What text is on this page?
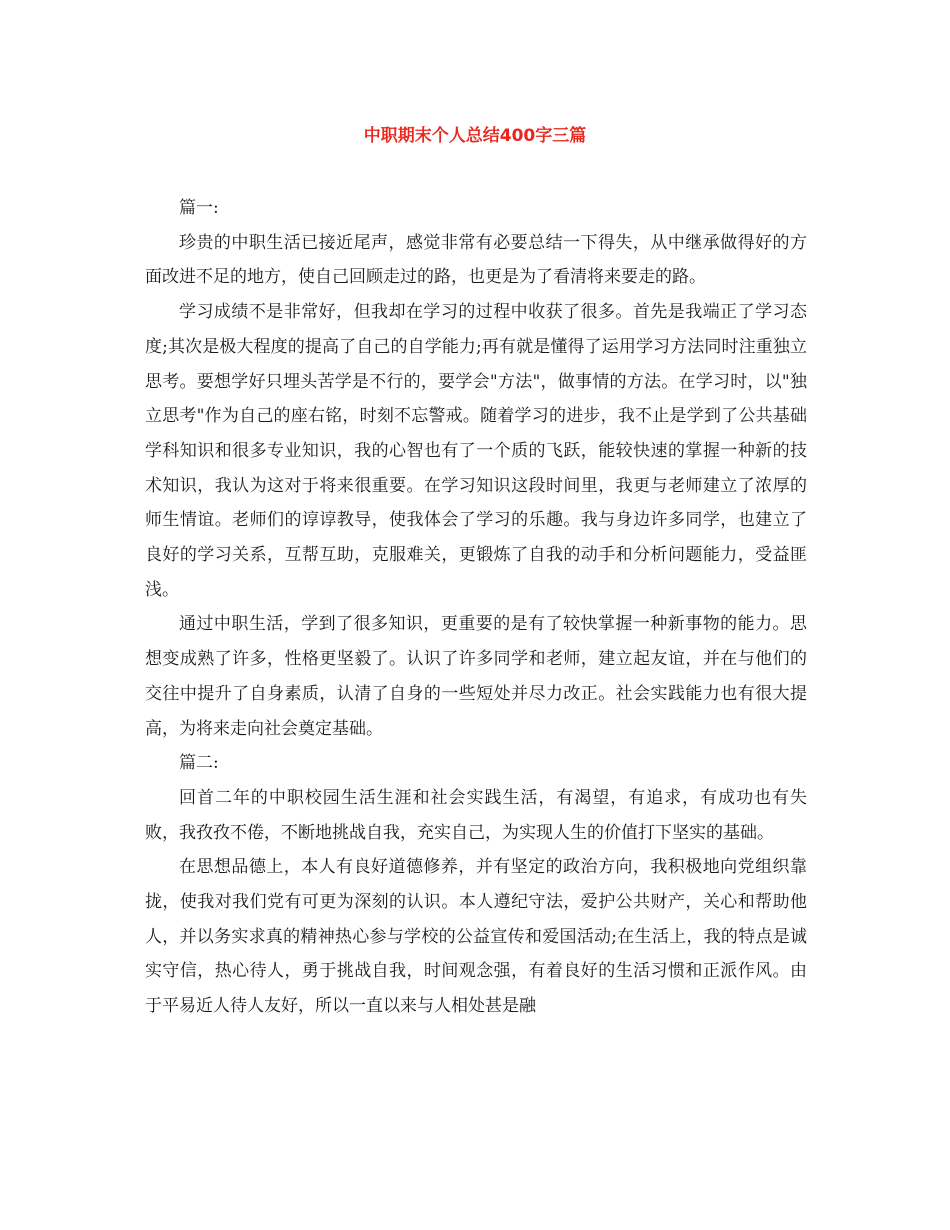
中职期末个人总结400字三篇

篇一:

珍贵的中职生活已接近尾声，感觉非常有必要总结一下得失，从中继承做得好的方面改进不足的地方，使自己回顾走过的路，也更是为了看清将来要走的路。

学习成绩不是非常好，但我却在学习的过程中收获了很多。首先是我端正了学习态度;其次是极大程度的提高了自己的自学能力;再有就是懂得了运用学习方法同时注重独立思考。要想学好只埋头苦学是不行的，要学会"方法"，做事情的方法。在学习时，以"独立思考"作为自己的座右铭，时刻不忘警戒。随着学习的进步，我不止是学到了公共基础学科知识和很多专业知识，我的心智也有了一个质的飞跃，能较快速的掌握一种新的技术知识，我认为这对于将来很重要。在学习知识这段时间里，我更与老师建立了浓厚的师生情谊。老师们的谆谆教导，使我体会了学习的乐趣。我与身边许多同学，也建立了良好的学习关系，互帮互助，克服难关，更锻炼了自我的动手和分析问题能力，受益匪浅。

通过中职生活，学到了很多知识，更重要的是有了较快掌握一种新事物的能力。思想变成熟了许多，性格更坚毅了。认识了许多同学和老师，建立起友谊，并在与他们的交往中提升了自身素质，认清了自身的一些短处并尽力改正。社会实践能力也有很大提高，为将来走向社会奠定基础。

篇二:

回首二年的中职校园生活生涯和社会实践生活，有渴望，有追求，有成功也有失败，我孜孜不倦，不断地挑战自我，充实自己，为实现人生的价值打下坚实的基础。

在思想品德上，本人有良好道德修养，并有坚定的政治方向，我积极地向党组织靠拢，使我对我们党有可更为深刻的认识。本人遵纪守法，爱护公共财产，关心和帮助他人，并以务实求真的精神热心参与学校的公益宣传和爱国活动;在生活上，我的特点是诚实守信，热心待人，勇于挑战自我，时间观念强，有着良好的生活习惯和正派作风。由于平易近人待人友好，所以一直以来与人相处甚是融
